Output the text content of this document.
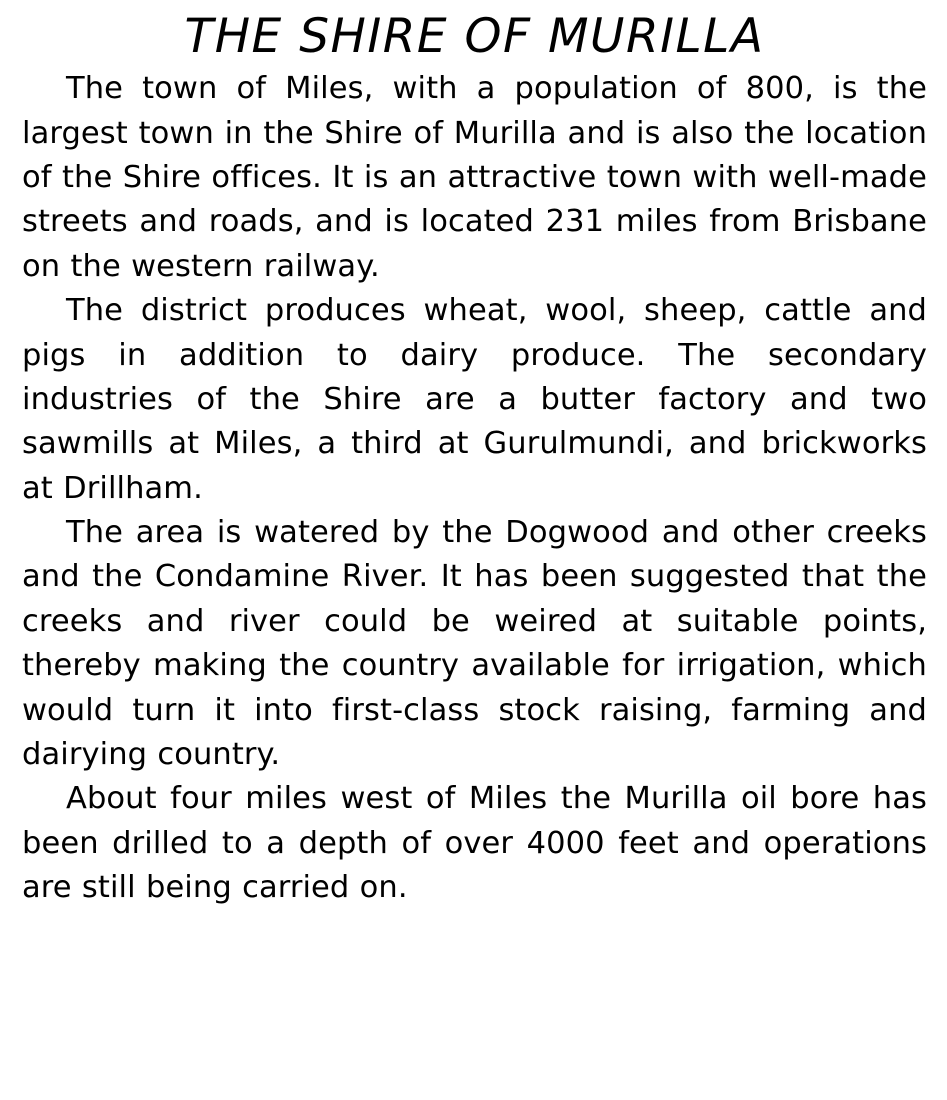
THE SHIRE OF MURILLA

The town of Miles, with a population of 800, is the largest town in the Shire of Murilla and is also the location of the Shire offices. It is an attractive town with well-made streets and roads, and is located 231 miles from Brisbane on the western railway.

The district produces wheat, wool, sheep, cattle and pigs in addition to dairy produce. The secondary industries of the Shire are a butter factory and two sawmills at Miles, a third at Gurulmundi, and brickworks at Drillham.

The area is watered by the Dogwood and other creeks and the Condamine River. It has been suggested that the creeks and river could be weired at suitable points, thereby making the country available for irrigation, which would turn it into first-class stock raising, farming and dairying country.

About four miles west of Miles the Murilla oil bore has been drilled to a depth of over 4000 feet and operations are still being carried on.
